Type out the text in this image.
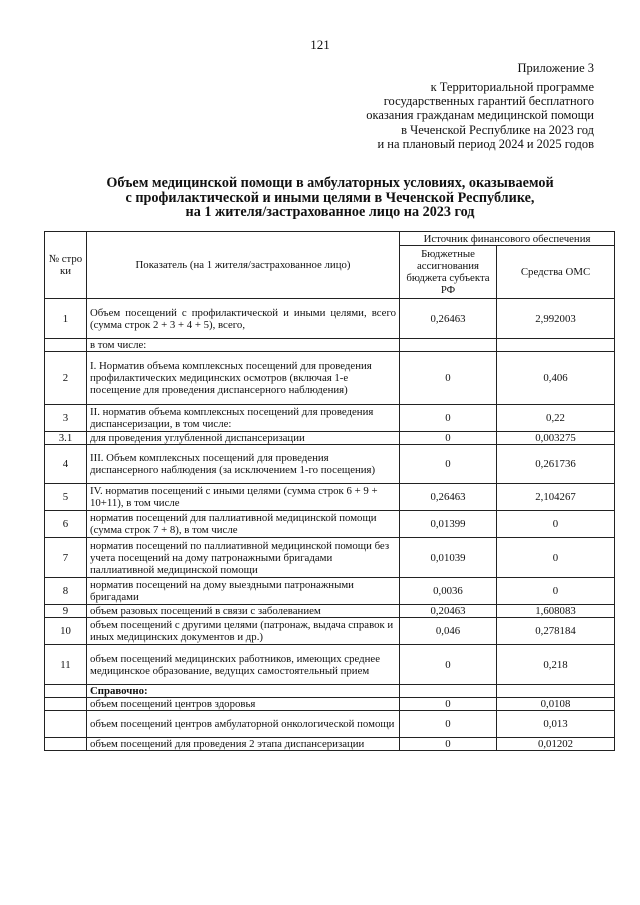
121
Приложение 3
к Территориальной программе
государственных гарантий бесплатного
оказания гражданам медицинской помощи
в Чеченской Республике на 2023 год
и на плановый период 2024 и 2025 годов
Объем медицинской помощи в амбулаторных условиях, оказываемой
с профилактической и иными целями в Чеченской Республике,
на 1 жителя/застрахованное лицо на 2023 год
№ стро ки	Показатель (на 1 жителя/застрахованное лицо)	Источник финансового обеспечения	
		Бюджетные ассигнования бюджета субъекта РФ	Средства ОМС
1	Объем посещений с профилактической и иными целями, всего (сумма строк 2 + 3 + 4 + 5), всего,	0,26463	2,992003
	в том числе:		
2	I. Норматив объема комплексных посещений для проведения профилактических медицинских осмотров (включая 1-е посещение для проведения диспансерного наблюдения)	0	0,406
3	II. норматив объема комплексных посещений для проведения диспансеризации, в том числе:	0	0,22
3.1	для проведения углубленной диспансеризации	0	0,003275
4	III. Объем комплексных посещений для проведения диспансерного наблюдения (за исключением 1-го посещения)	0	0,261736
5	IV. норматив посещений с иными целями (сумма строк 6 + 9 + 10+11), в том числе	0,26463	2,104267
6	норматив посещений для паллиативной медицинской помощи (сумма строк 7 + 8), в том числе	0,01399	0
7	норматив посещений по паллиативной медицинской помощи без учета посещений на дому патронажными бригадами паллиативной медицинской помощи	0,01039	0
8	норматив посещений на дому выездными патронажными бригадами	0,0036	0
9	объем разовых посещений в связи с заболеванием	0,20463	1,608083
10	объем посещений с другими целями (патронаж, выдача справок и иных медицинских документов и др.)	0,046	0,278184
11	объем посещений медицинских работников, имеющих среднее медицинское образование, ведущих самостоятельный прием	0	0,218
	Справочно:		
	объем посещений центров здоровья	0	0,0108
	объем посещений центров амбулаторной онкологической помощи	0	0,013
	объем посещений для проведения 2 этапа диспансеризации	0	0,01202
